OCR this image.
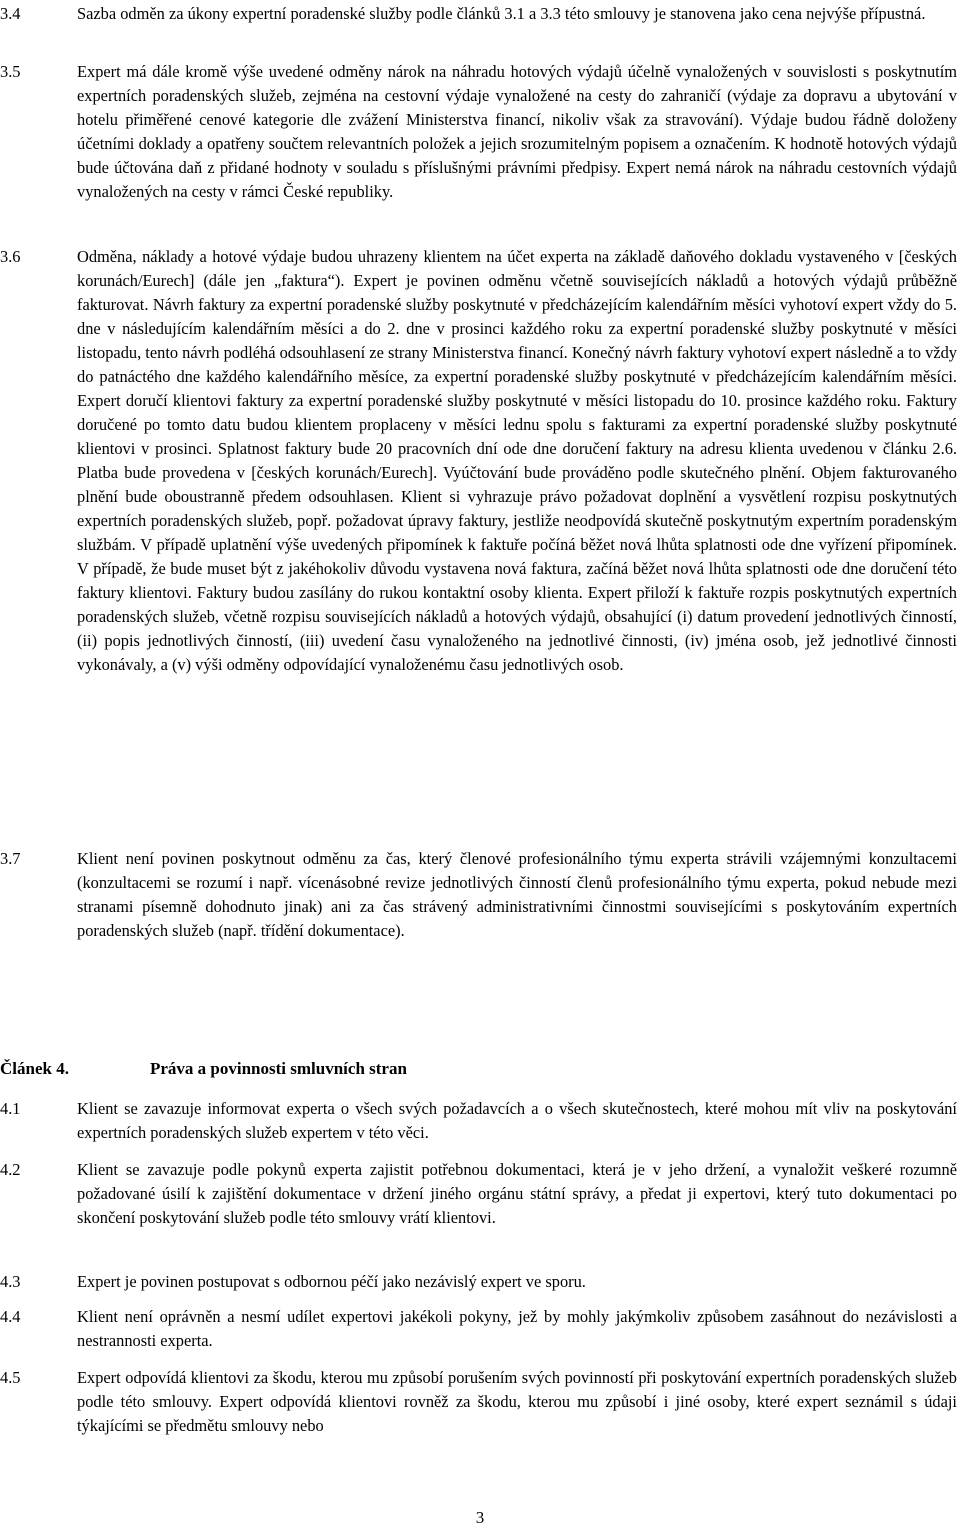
3.4	Sazba odměn za úkony expertní poradenské služby podle článků 3.1 a 3.3 této smlouvy je stanovena jako cena nejvýše přípustná.
3.5	Expert má dále kromě výše uvedené odměny nárok na náhradu hotových výdajů účelně vynaložených v souvislosti s poskytnutím expertních poradenských služeb, zejména na cestovní výdaje vynaložené na cesty do zahraničí (výdaje za dopravu a ubytování v hotelu přiměřené cenové kategorie dle zvážení Ministerstva financí, nikoliv však za stravování). Výdaje budou řádně doloženy účetními doklady a opatřeny součtem relevantních položek a jejich srozumitelným popisem a označením. K hodnotě hotových výdajů bude účtována daň z přidané hodnoty v souladu s příslušnými právními předpisy. Expert nemá nárok na náhradu cestovních výdajů vynaložených na cesty v rámci České republiky.
3.6	Odměna, náklady a hotové výdaje budou uhrazeny klientem na účet experta na základě daňového dokladu vystaveného v [českých korunách/Eurech] (dále jen „faktura“). Expert je povinen odměnu včetně souvisejících nákladů a hotových výdajů průběžně fakturovat. Návrh faktury za expertní poradenské služby poskytnuté v předcházejícím kalendářním měsíci vyhotoví expert vždy do 5. dne v následujícím kalendářním měsíci a do 2. dne v prosinci každého roku za expertní poradenské služby poskytnuté v měsíci listopadu, tento návrh podléhá odsouhlasení ze strany Ministerstva financí. Konečný návrh faktury vyhotoví expert následně a to vždy do patnáctého dne každého kalendářního měsíce, za expertní poradenské služby poskytnuté v předcházejícím kalendářním měsíci. Expert doručí klientovi faktury za expertní poradenské služby poskytnuté v měsíci listopadu do 10. prosince každého roku. Faktury doručené po tomto datu budou klientem proplaceny v měsíci lednu spolu s fakturami za expertní poradenské služby poskytnuté klientovi v prosinci. Splatnost faktury bude 20 pracovních dní ode dne doručení faktury na adresu klienta uvedenou v článku 2.6. Platba bude provedena v [českých korunách/Eurech]. Vyúčtování bude prováděno podle skutečného plnění. Objem fakturovaného plnění bude oboustranně předem odsouhlasen. Klient si vyhrazuje právo požadovat doplnění a vysvětlení rozpisu poskytnutých expertních poradenských služeb, popř. požadovat úpravy faktury, jestliže neodpovídá skutečně poskytnutým expertním poradenským službám. V případě uplatnění výše uvedených připomínek k faktuře počíná běžet nová lhůta splatnosti ode dne vyřízení připomínek. V případě, že bude muset být z jakéhokoliv důvodu vystavena nová faktura, začíná běžet nová lhůta splatnosti ode dne doručení této faktury klientovi. Faktury budou zasílány do rukou kontaktní osoby klienta. Expert přiloží k faktuře rozpis poskytnutých expertních poradenských služeb, včetně rozpisu souvisejících nákladů a hotových výdajů, obsahující (i) datum provedení jednotlivých činností, (ii) popis jednotlivých činností, (iii) uvedení času vynaloženého na jednotlivé činnosti, (iv) jména osob, jež jednotlivé činnosti vykonávaly, a (v) výši odměny odpovídající vynaloženému času jednotlivých osob.
3.7	Klient není povinen poskytnout odměnu za čas, který členové profesionálního týmu experta strávili vzájemnými konzultacemi (konzultacemi se rozumí i např. vícenásobné revize jednotlivých činností členů profesionálního týmu experta, pokud nebude mezi stranami písemně dohodnuto jinak) ani za čas strávený administrativními činnostmi souvisejícími s poskytováním expertních poradenských služeb (např. třídění dokumentace).
Článek 4.	Práva a povinnosti smluvních stran
4.1	Klient se zavazuje informovat experta o všech svých požadavcích a o všech skutečnostech, které mohou mít vliv na poskytování expertních poradenských služeb expertem v této věci.
4.2	Klient se zavazuje podle pokynů experta zajistit potřebnou dokumentaci, která je v jeho držení, a vynaložit veškeré rozumně požadované úsilí k zajištění dokumentace v držení jiného orgánu státní správy, a předat ji expertovi, který tuto dokumentaci po skončení poskytování služeb podle této smlouvy vrátí klientovi.
4.3	Expert je povinen postupovat s odbornou péčí jako nezávislý expert ve sporu.
4.4	Klient není oprávněn a nesmí udílet expertovi jakékoli pokyny, jež by mohly jakýmkoliv způsobem zasáhnout do nezávislosti a nestrannosti experta.
4.5	Expert odpovídá klientovi za škodu, kterou mu způsobí porušením svých povinností při poskytování expertních poradenských služeb podle této smlouvy. Expert odpovídá klientovi rovněž za škodu, kterou mu způsobí i jiné osoby, které expert seznámil s údaji týkajícími se předmětu smlouvy nebo
3
